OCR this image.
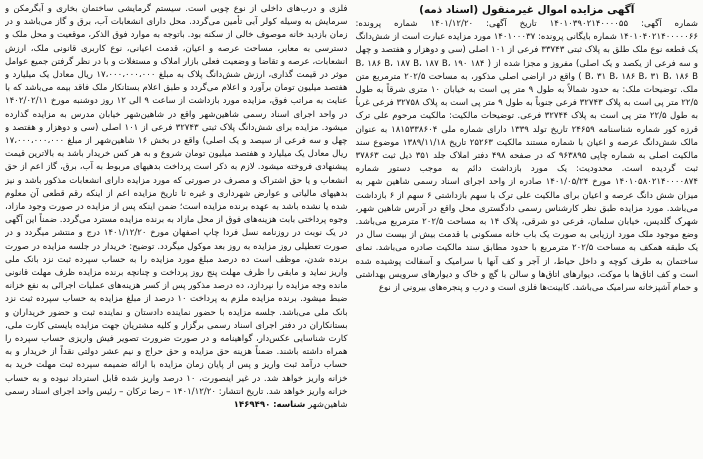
آگهی مزایده اموال غیرمنقول (اسناد ذمه)

شماره آگهی: ۱۴۰۱۰۳۹۰۲۱۴۰۰۰۰۵۵ تاریخ آگهی: ۱۴۰۱/۱۲/۲۰ شماره پرونده: ۱۴۰۱۰۴۰۲۱۴۰۰۰۰۰۶۶ شماره بایگانی پرونده: ۱۴۰۱۰۰۰۳۷ مورد مزایده عبارت است از شش‌دانگ یک قطعه نوع ملک طلق به پلاک ثبتی ۳۳۷۴۳ فرعی از ۱۰۱ اصلی (سی و دوهزار و هفتصد و چهل و سه فرعی از یکصد و یک اصلی) مفروز و مجزا شده از ( ۱۸۴ B، ۱۸۶ B، ۱۸۷ B، ۱۸۷ B، ۱۹۰ B، ۳۱ B، ۱۸۶ B، ۳۱ B، ۱۸۶ B ) واقع در اراضی اصلی مذکور، به مساحت ۲۰۲/۵ مترمربع متن ملک. توضیحات ملک: به حدود شمالاً به طول ۹ متر پی است به خیابان ۱۰ متری شرقاً به طول ۲۲/۵ متر پی است به پلاک ۳۲۷۴۳ فرعی جنوباً به طول ۹ متر پی است به پلاک ۳۲۷۵۸ فرعی غرباً به طول ۲۲/۵ متر پی است به پلاک ۳۲۷۴۴ فرعی. توضیحات مالکیت: مالکیت مرحوم علی ترک قرزه کور شماره شناسنامه ۲۴۶۵۹ تاریخ تولد ۱۳۳۹ دارای شماره ملی ۱۸۱۵۳۳۸۶۰۴ به عنوان مالک شش‌دانگ عرصه و اعیان با شماره مستند مالکیت ۲۵۲۶۳ تاریخ ۱۳۸۹/۱۱/۱۸ موضوع سند مالکیت اصلی به شماره چاپی ۹۶۳۸۹۵ که در صفحه ۴۹۸ دفتر املاک جلد ۳۵۱ ذیل ثبت ۳۷۸۶۳ ثبت گردیده است. محدودیت: یک مورد بازداشت دائم به موجب دستور شماره ۱۴۰۱۰۵۸۰۲۱۴۰۰۰۰۸۷۴ مورخ ۱۴۰۱/۰۵/۲۴ صادره از واحد اجرای اسناد رسمی شاهین شهر به میزان شش دانگ عرصه و اعیان برای مالکیت علی ترک با سهم بازداشتی ۶ سهم از ۶ بازداشت می‌باشد. مورد مزایده طبق نظر کارشناس رسمی دادگستری محل واقع در آدرس شاهین شهر، شهرک گلدیس، خیابان سلمان، فرعی دو شرقی، پلاک ۱۴ به مساحت ۲۰۲/۵ مترمربع می‌باشد. وضع موجود ملک مورد ارزیابی به صورت یک باب خانه مسکونی با قدمت بیش از بیست سال در یک طبقه همکف به مساحت ۲۰۲/۵ مترمربع با حدود مطابق سند مالکیت صادره می‌باشد. نمای ساختمان به طرف کوچه و داخل حیاط، از آجر و کف آنها با سرامیک و آسفالت پوشیده شده است و کف اتاق‌ها با موکت، دیوارهای اتاق‌ها و سالن با گچ و خاک و دیوارهای سرویس بهداشتی و حمام آشپزخانه سرامیک می‌باشد. کابینت‌ها فلزی است و درب و پنجره‌های بیرونی از نوع

فلزی و درب‌های داخلی از نوع چوبی است. سیستم گرمایشی ساختمان بخاری و آبگرمکن و سرمایش به وسیله کولر آبی تأمین می‌گردد. محل دارای انشعابات آب، برق و گاز می‌باشد و در زمان بازدید خانه موصوف خالی از سکنه بود. باتوجه به موارد فوق الذکر، موقعیت و محل ملک و دسترسی به معابر، مساحت عرصه و اعیان، قدمت اعیانی، نوع کاربری قانونی ملک، ارزش انشعابات، عرصه و تقاضا و وضعیت فعلی بازار املاک و مستغلات و با در نظر گرفتن جمیع عوامل موثر در قیمت گذاری، ارزش شش‌دانگ پلاک به مبلغ ۱۷،۰۰۰،۰۰۰،۰۰۰ ریال معادل یک میلیارد و هفتصد میلیون تومان برآورد و اعلام می‌گردد و طبق اعلام بستانکار ملک فاقد بیمه می‌باشد که با عنایت به مراتب فوق، مزایده مورد بازداشت از ساعت ۹ الی ۱۲ روز دوشنبه مورخ ۱۴۰۲/۰۲/۱۱ در واحد اجرای اسناد رسمی شاهین‌شهر واقع در شاهین‌شهر خیابان مدرس به مزایده گذارده میشود. مزایده برای شش‌دانگ پلاک ثبتی ۳۲۷۴۳ فرعی از ۱۰۱ اصلی (سی و دوهزار و هفتصد و چهل و سه فرعی از سیصد و یک اصلی) واقع در بخش ۱۶ شاهین‌شهر از مبلغ ۱۷،۰۰۰،۰۰۰،۰۰۰ ریال معادل یک میلیارد و هفتصد میلیون تومان شروع و به هر کس خریدار باشد به بالاترین قیمت پیشنهادی فروخته میشود. لازم به ذکر است پرداخت بدهیهای مربوط به آب، برق، گاز اعم از حق انشعاب و یا حق اشتراک و مصرف در صورتی که مورد مزایده دارای انشعابات مذکور باشد و نیز بدهیهای مالیاتی و عوارض شهرداری و غیره تا تاریخ مزایده اعم از اینکه رقم قطعی آن معلوم شده یا نشده باشد به عهده برنده مزایده است؛ ضمن اینکه پس از مزایده در صورت وجود مازاد، وجوه پرداختی بابت هزینه‌های فوق از محل مازاد به برنده مزایده مسترد می‌گردد. ضمناً این آگهی در یک نوبت در روزنامه نسل فردا چاپ اصفهان مورخ ۱۴۰۱/۱۲/۲۰ درج و منتشر میگردد و در صورت تعطیلی روز مزایده به روز بعد موکول میگردد. توضیح: خریدار در جلسه مزایده در صورت برنده شدن، موظف است ده درصد مبلغ مورد مزایده را به حساب سپرده ثبت نزد بانک ملی واریز نماید و مابقی را ظرف مهلت پنج روز پرداخت و چنانچه برنده مزایده ظرف مهلت قانونی مانده وجه مزایده را نپردازد، ده درصد مذکور پس از کسر هزینه‌های عملیات اجرائی به نفع خزانه ضبط میشود. برنده مزایده ملزم به پرداخت ۱۰ درصد از مبلغ مزایده به حساب سپرده ثبت نزد بانک ملی می‌باشد. جلسه مزایده با حضور نماینده دادستان و نماینده ثبت و حضور خریداران و بستانکاران در دفتر اجرای اسناد رسمی برگزار و کلیه مشتریان جهت مزایده بایستی کارت ملی، کارت شناسایی عکس‌دار، گواهینامه و در صورت ضرورت تصویر فیش واریزی حساب سپرده را همراه داشته باشند. ضمناً هزینه حق مزایده و حق حراج و نیم عشر دولتی نقداً از خریدار و به حساب درآمد ثبت واریز و پس از پایان زمان مزایده با ارائه ضمیمه سپرده ثبت مهلت خرید به خزانه واریز خواهد شد. در غیر اینصورت، ۱۰ درصد واریز شده قابل استرداد نبوده و به حساب خزانه واریز خواهد شد. تاریخ انتشار: ۱۴۰۱/۱۲/۲۰ – رضا ترکان – رئیس واحد اجرای اسناد رسمی شاهین‌شهر شناسه: ۱۴۶۹۴۹۰
